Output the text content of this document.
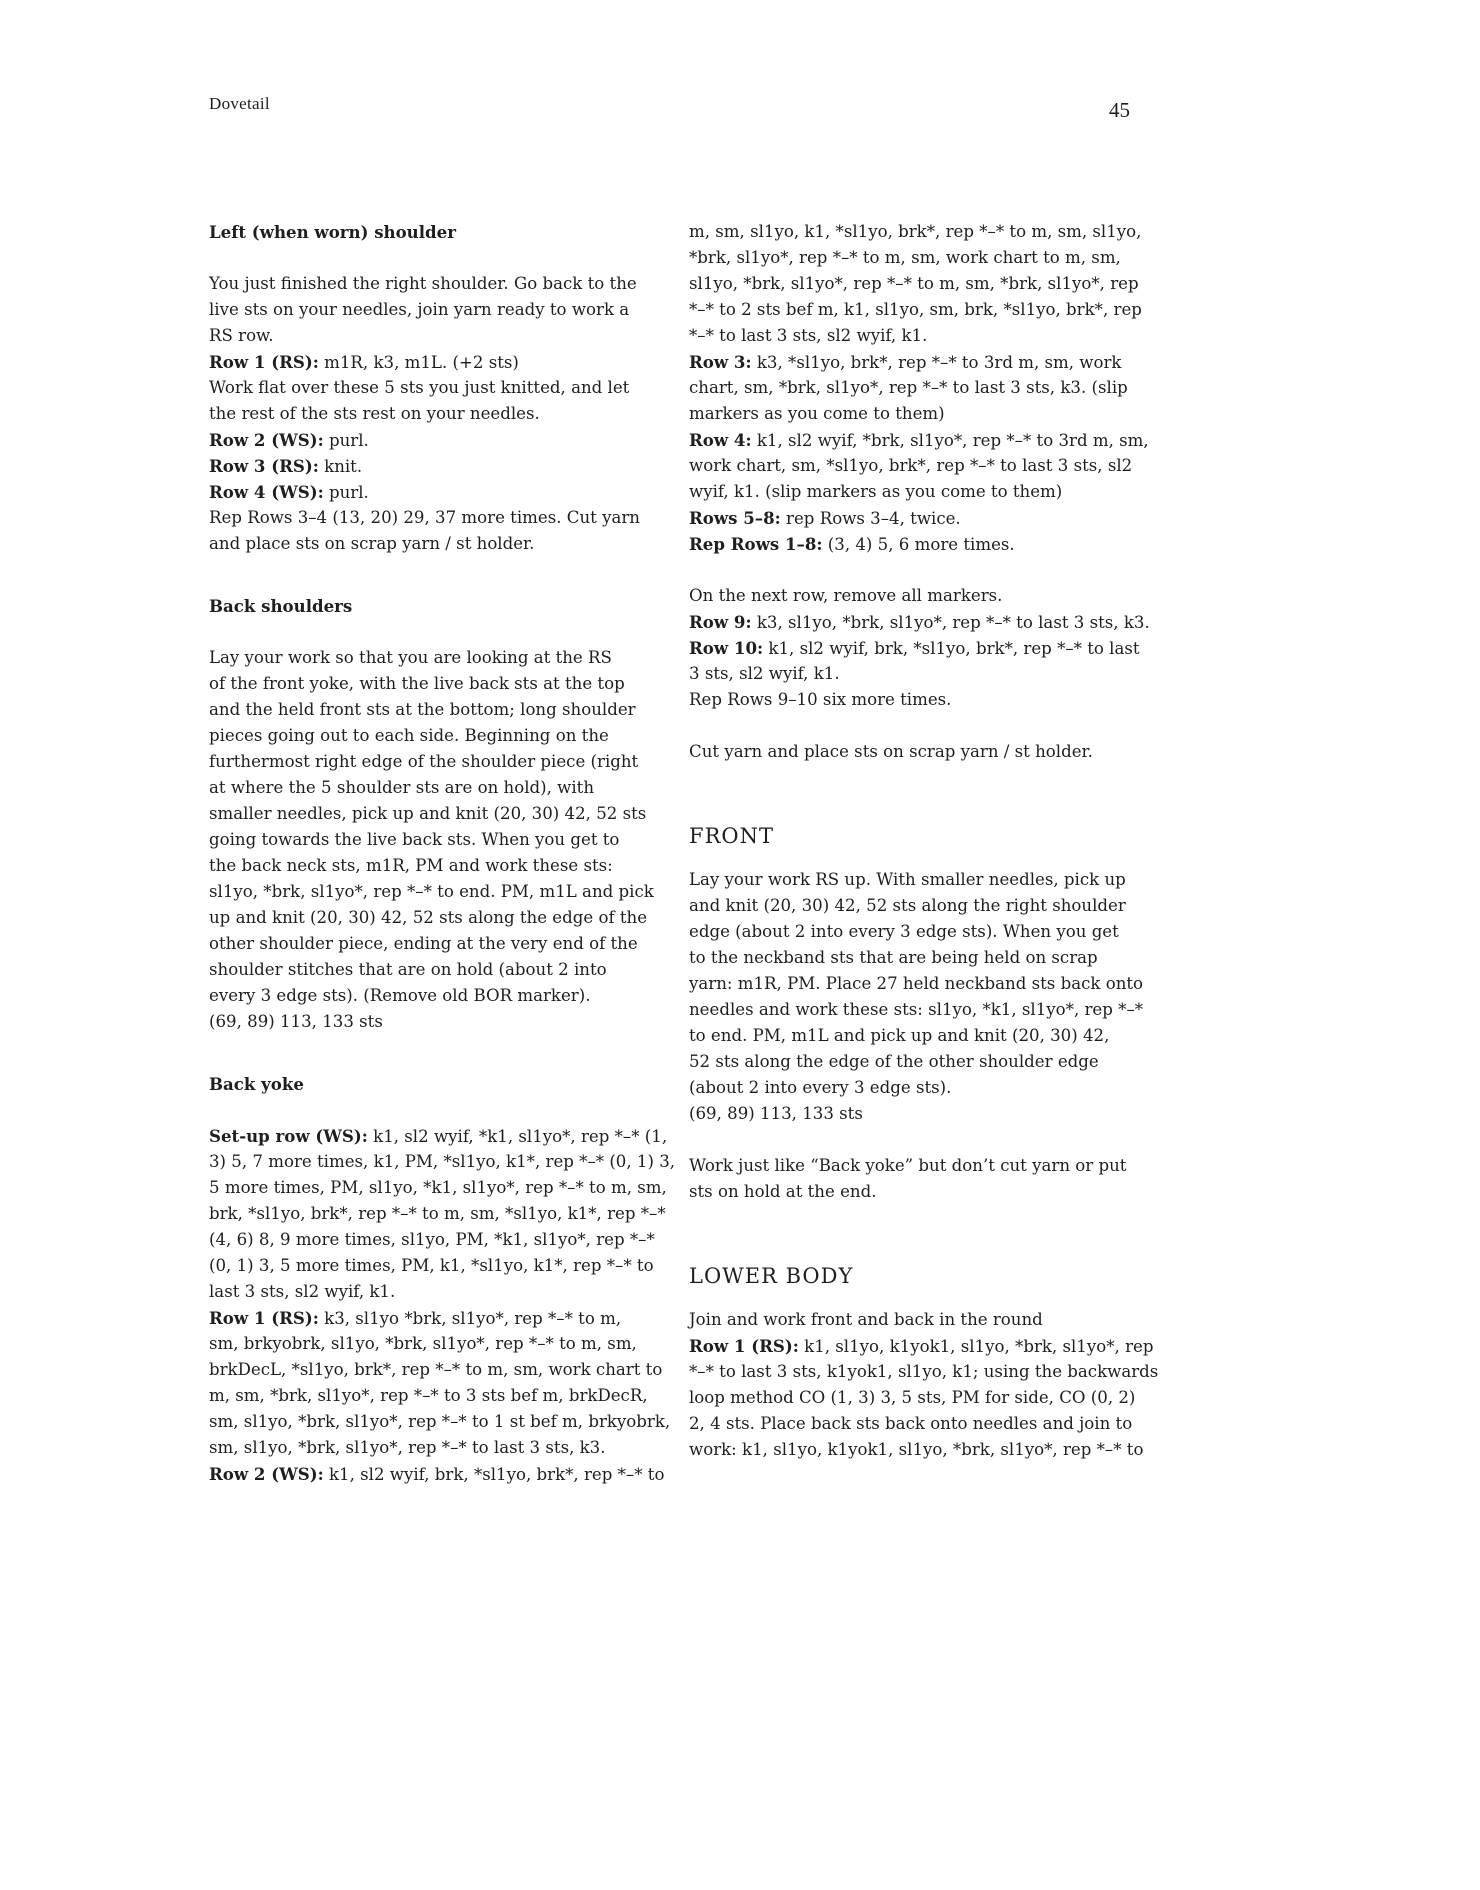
Dovetail	45
Left (when worn) shoulder
You just finished the right shoulder. Go back to the
live sts on your needles, join yarn ready to work a
RS row.
Row 1 (RS): m1R, k3, m1L. (+2 sts)
Work flat over these 5 sts you just knitted, and let
the rest of the sts rest on your needles.
Row 2 (WS): purl.
Row 3 (RS): knit.
Row 4 (WS): purl.
Rep Rows 3–4 (13, 20) 29, 37 more times. Cut yarn
and place sts on scrap yarn / st holder.
Back shoulders
Lay your work so that you are looking at the RS
of the front yoke, with the live back sts at the top
and the held front sts at the bottom; long shoulder
pieces going out to each side. Beginning on the
furthermost right edge of the shoulder piece (right
at where the 5 shoulder sts are on hold), with
smaller needles, pick up and knit (20, 30) 42, 52 sts
going towards the live back sts. When you get to
the back neck sts, m1R, PM and work these sts:
sl1yo, *brk, sl1yo*, rep *–* to end. PM, m1L and pick
up and knit (20, 30) 42, 52 sts along the edge of the
other shoulder piece, ending at the very end of the
shoulder stitches that are on hold (about 2 into
every 3 edge sts). (Remove old BOR marker).
(69, 89) 113, 133 sts
Back yoke
Set-up row (WS): k1, sl2 wyif, *k1, sl1yo*, rep *–* (1,
3) 5, 7 more times, k1, PM, *sl1yo, k1*, rep *–* (0, 1) 3,
5 more times, PM, sl1yo, *k1, sl1yo*, rep *–* to m, sm,
brk, *sl1yo, brk*, rep *–* to m, sm, *sl1yo, k1*, rep *–*
(4, 6) 8, 9 more times, sl1yo, PM, *k1, sl1yo*, rep *–*
(0, 1) 3, 5 more times, PM, k1, *sl1yo, k1*, rep *–* to
last 3 sts, sl2 wyif, k1.
Row 1 (RS): k3, sl1yo *brk, sl1yo*, rep *–* to m,
sm, brkyobrk, sl1yo, *brk, sl1yo*, rep *–* to m, sm,
brkDecL, *sl1yo, brk*, rep *–* to m, sm, work chart to
m, sm, *brk, sl1yo*, rep *–* to 3 sts bef m, brkDecR,
sm, sl1yo, *brk, sl1yo*, rep *–* to 1 st bef m, brkyobrk,
sm, sl1yo, *brk, sl1yo*, rep *–* to last 3 sts, k3.
Row 2 (WS): k1, sl2 wyif, brk, *sl1yo, brk*, rep *–* to
m, sm, sl1yo, k1, *sl1yo, brk*, rep *–* to m, sm, sl1yo,
*brk, sl1yo*, rep *–* to m, sm, work chart to m, sm,
sl1yo, *brk, sl1yo*, rep *–* to m, sm, *brk, sl1yo*, rep
*–* to 2 sts bef m, k1, sl1yo, sm, brk, *sl1yo, brk*, rep
*–* to last 3 sts, sl2 wyif, k1.
Row 3: k3, *sl1yo, brk*, rep *–* to 3rd m, sm, work
chart, sm, *brk, sl1yo*, rep *–* to last 3 sts, k3. (slip
markers as you come to them)
Row 4: k1, sl2 wyif, *brk, sl1yo*, rep *–* to 3rd m, sm,
work chart, sm, *sl1yo, brk*, rep *–* to last 3 sts, sl2
wyif, k1. (slip markers as you come to them)
Rows 5–8: rep Rows 3–4, twice.
Rep Rows 1–8: (3, 4) 5, 6 more times.
On the next row, remove all markers.
Row 9: k3, sl1yo, *brk, sl1yo*, rep *–* to last 3 sts, k3.
Row 10: k1, sl2 wyif, brk, *sl1yo, brk*, rep *–* to last
3 sts, sl2 wyif, k1.
Rep Rows 9–10 six more times.
Cut yarn and place sts on scrap yarn / st holder.
FRONT
Lay your work RS up. With smaller needles, pick up
and knit (20, 30) 42, 52 sts along the right shoulder
edge (about 2 into every 3 edge sts). When you get
to the neckband sts that are being held on scrap
yarn: m1R, PM. Place 27 held neckband sts back onto
needles and work these sts: sl1yo, *k1, sl1yo*, rep *–*
to end. PM, m1L and pick up and knit (20, 30) 42,
52 sts along the edge of the other shoulder edge
(about 2 into every 3 edge sts).
(69, 89) 113, 133 sts
Work just like “Back yoke” but don’t cut yarn or put
sts on hold at the end.
LOWER BODY
Join and work front and back in the round
Row 1 (RS): k1, sl1yo, k1yok1, sl1yo, *brk, sl1yo*, rep
*–* to last 3 sts, k1yok1, sl1yo, k1; using the backwards
loop method CO (1, 3) 3, 5 sts, PM for side, CO (0, 2)
2, 4 sts. Place back sts back onto needles and join to
work: k1, sl1yo, k1yok1, sl1yo, *brk, sl1yo*, rep *–* to
